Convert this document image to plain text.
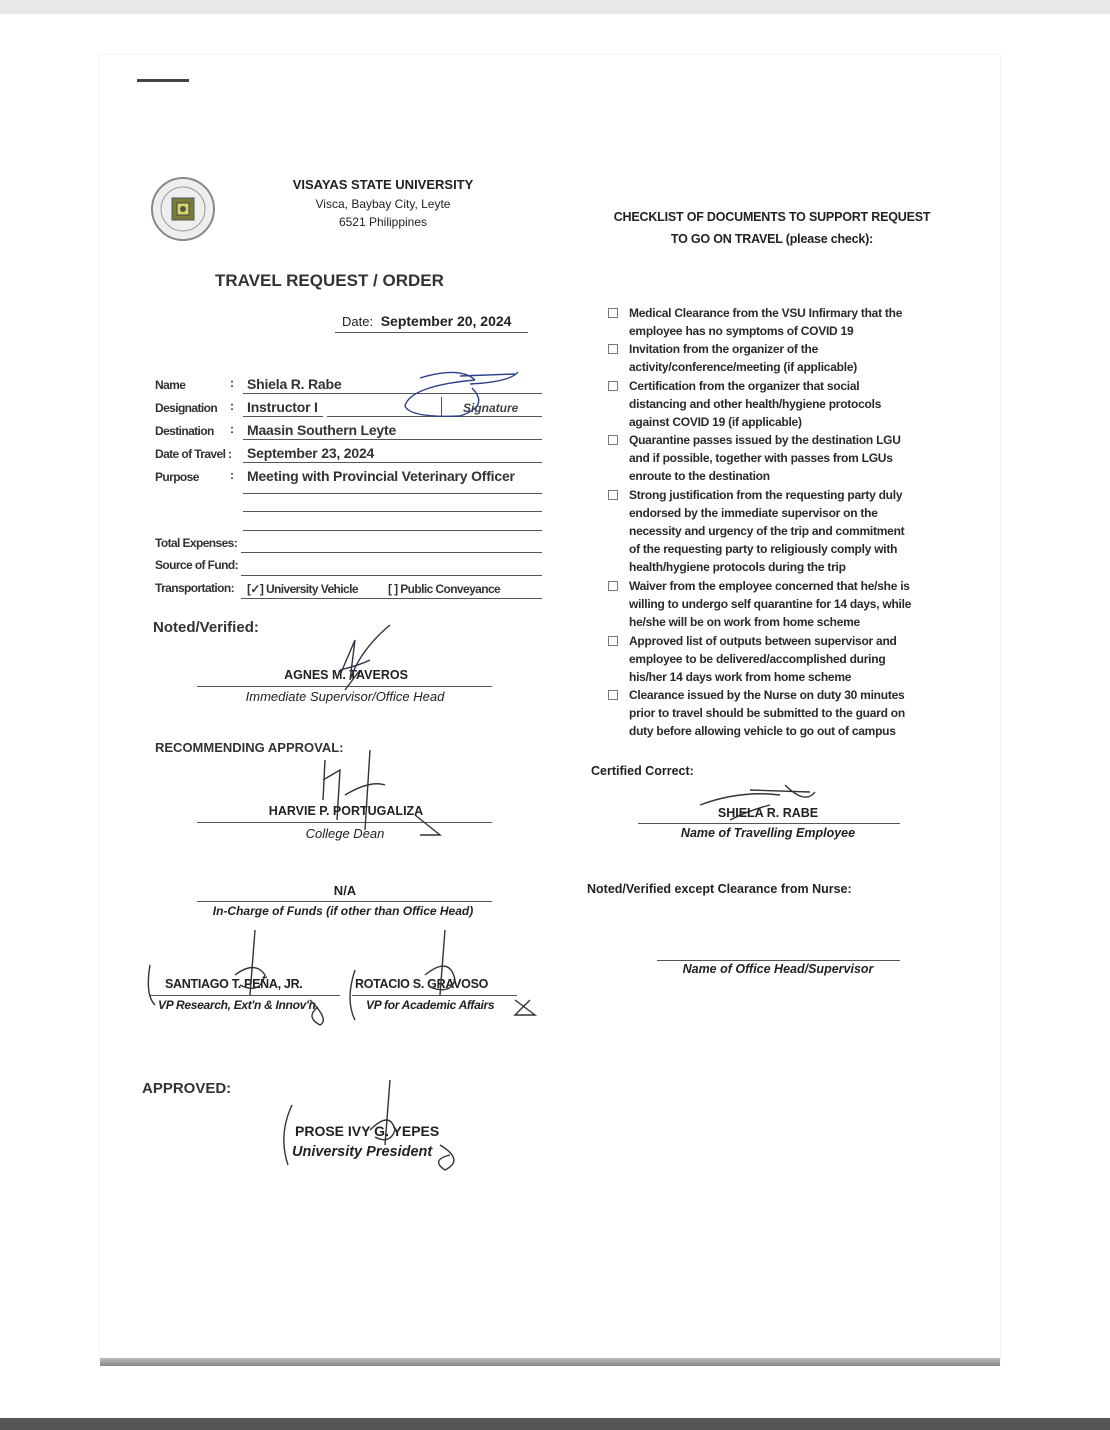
VISAYAS STATE UNIVERSITY
Visca, Baybay City, Leyte
6521 Philippines
TRAVEL REQUEST / ORDER
Date: September 20, 2024
Name	: Shiela R. Rabe
Designation : Instructor I	Signature
Destination : Maasin Southern Leyte
Date of Travel : September 23, 2024
Purpose	: Meeting with Provincial Veterinary Officer
Total Expenses:
Source of Fund:
Transportation: [✓] University Vehicle	[ ] Public Conveyance
Noted/Verified:
AGNES M. TAVEROS
Immediate Supervisor/Office Head
RECOMMENDING APPROVAL:
HARVIE P. PORTUGALIZA
College Dean
N/A
In-Charge of Funds (if other than Office Head)
SANTIAGO T. PEÑA, JR.
VP Research, Ext'n & Innov'n
ROTACIO S. GRAVOSO
VP for Academic Affairs
APPROVED:
PROSE IVY G. YEPES
University President
CHECKLIST OF DOCUMENTS TO SUPPORT REQUEST
TO GO ON TRAVEL (please check):
Medical Clearance from the VSU Infirmary that the
employee has no symptoms of COVID 19
Invitation from the organizer of the
activity/conference/meeting (if applicable)
Certification from the organizer that social
distancing and other health/hygiene protocols
against COVID 19 (if applicable)
Quarantine passes issued by the destination LGU
and if possible, together with passes from LGUs
enroute to the destination
Strong justification from the requesting party duly
endorsed by the immediate supervisor on the
necessity and urgency of the trip and commitment
of the requesting party to religiously comply with
health/hygiene protocols during the trip
Waiver from the employee concerned that he/she is
willing to undergo self quarantine for 14 days, while
he/she will be on work from home scheme
Approved list of outputs between supervisor and
employee to be delivered/accomplished during
his/her 14 days work from home scheme
Clearance issued by the Nurse on duty 30 minutes
prior to travel should be submitted to the guard on
duty before allowing vehicle to go out of campus
Certified Correct:
SHIELA R. RABE
Name of Travelling Employee
Noted/Verified except Clearance from Nurse:
Name of Office Head/Supervisor
